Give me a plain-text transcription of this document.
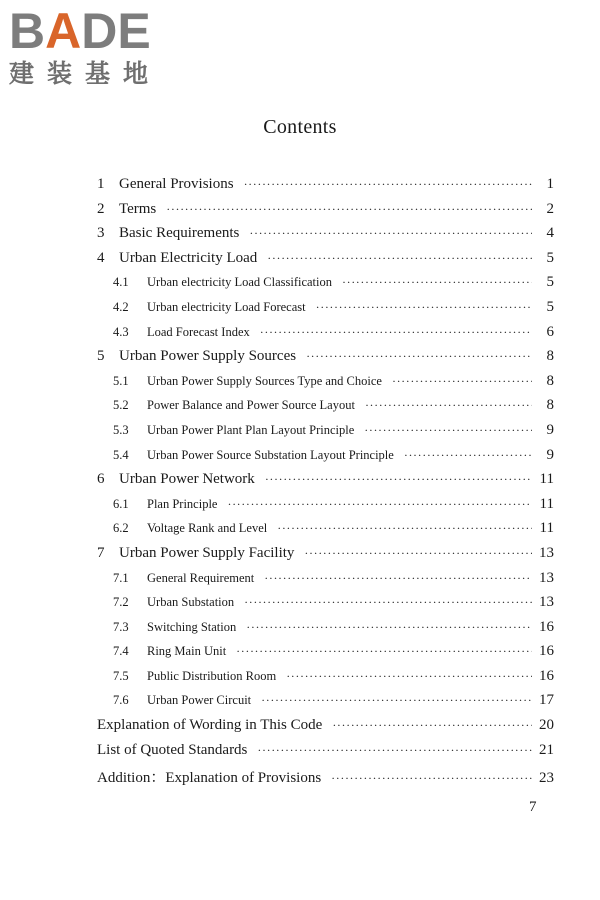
BADE
建装基地
Contents
1 General Provisions ·····	1
2 Terms ·····	2
3 Basic Requirements ·····	4
4 Urban Electricity Load ·····	5
4.1	Urban electricity Load Classification ·····	5
4.2	Urban electricity Load Forecast ·····	5
4.3	Load Forecast Index ·····	6
5 Urban Power Supply Sources ·····	8
5.1	Urban Power Supply Sources Type and Choice ·····	8
5.2	Power Balance and Power Source Layout ·····	8
5.3	Urban Power Plant Plan Layout Principle ·····	9
5.4	Urban Power Source Substation Layout Principle ·····	9
6 Urban Power Network ·····	11
6.1	Plan Principle ·····	11
6.2	Voltage Rank and Level ·····	11
7 Urban Power Supply Facility ·····	13
7.1	General Requirement ·····	13
7.2	Urban Substation ·····	13
7.3	Switching Station ·····	16
7.4	Ring Main Unit ·····	16
7.5	Public Distribution Room ·····	16
7.6	Urban Power Circuit ·····	17
Explanation of Wording in This Code ·····	20
List of Quoted Standards ·····	21
Addition：Explanation of Provisions ·····	23
7
